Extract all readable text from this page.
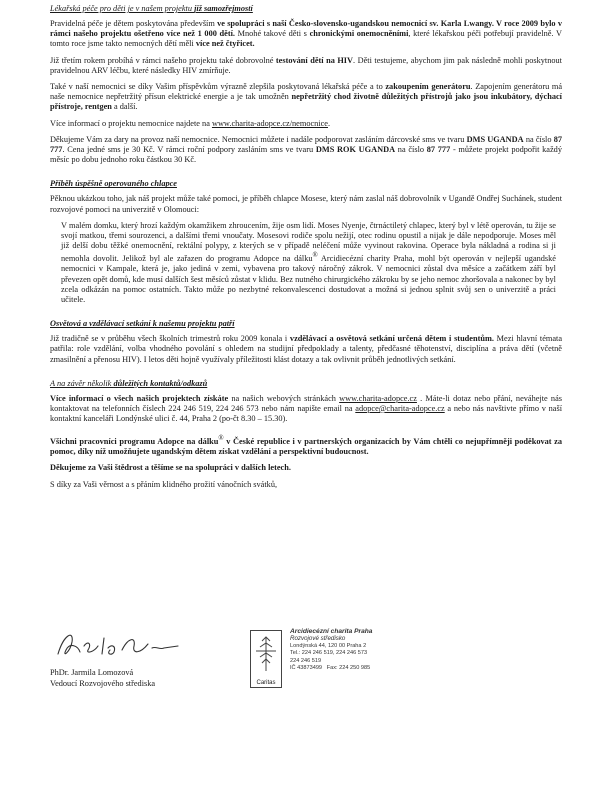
Lékařská péče pro děti je v našem projektu již samozřejmostí

Pravidelná péče je dětem poskytována především ve spolupráci s naší Česko-slovensko-ugandskou nemocnicí sv. Karla Lwangy. V roce 2009 bylo v rámci našeho projektu ošetřeno více než 1 000 dětí. Mnohé takové děti s chronickými onemocněními, které lékařskou péči potřebují pravidelně. V tomto roce jsme takto nemocných dětí měli více než čtyřicet.

Již třetím rokem probíhá v rámci našeho projektu také dobrovolné testování dětí na HIV. Děti testujeme, abychom jim pak následně mohli poskytnout pravidelnou ARV léčbu, které následky HIV zmírňuje.

Také v naší nemocnici se díky Vašim příspěvkům výrazně zlepšila poskytovaná lékařská péče a to zakoupením generátoru. Zapojením generátoru má naše nemocnice nepřetržitý přísun elektrické energie a je tak umožněn nepřetržitý chod životně důležitých přístrojů jako jsou inkubátory, dýchací přístroje, rentgen a další.

Více informací o projektu nemocnice najdete na www.charita-adopce.cz/nemocnice.

Děkujeme Vám za dary na provoz naší nemocnice. Nemocnici můžete i nadále podporovat zasláním dárcovské sms ve tvaru DMS UGANDA na číslo 87 777. Cena jedné sms je 30 Kč. V rámci roční podpory zasláním sms ve tvaru DMS ROK UGANDA na číslo 87 777 - můžete projekt podpořit každý měsíc po dobu jednoho roku částkou 30 Kč.

Příběh úspěšně operovaného chlapce

Pěknou ukázkou toho, jak náš projekt může také pomoci, je příběh chlapce Mosese, který nám zaslal náš dobrovolník v Ugandě Ondřej Suchánek, student rozvojové pomoci na univerzitě v Olomouci:

V malém domku, který hrozí každým okamžikem zhroucením, žije osm lidí. Moses Nyenje, čtrnáctiletý chlapec, který byl v létě operován, tu žije se svojí matkou, třemi sourozenci, a dalšími třemi vnoučaty. Mosesovi rodiče spolu nežijí, otec rodinu opustil a nijak je dále nepodporuje. Moses měl již delší dobu těžké onemocnění, rektální polypy, z kterých se v případě neléčení může vyvinout rakovina. Operace byla nákladná a rodina si ji nemohla dovolit. Jelikož byl ale zařazen do programu Adopce na dálku® Arcidiecézní charity Praha, mohl být operován v nejlepší ugandské nemocnici v Kampale, která je, jako jediná v zemi, vybavena pro takový náročný zákrok. V nemocnici zůstal dva měsíce a začátkem září byl převezen opět domů, kde musí dalších šest měsíců zůstat v klidu. Bez nutného chirurgického zákroku by se jeho nemoc zhoršovala a nakonec by byl zcela odkázán na pomoc ostatních. Takto může po nezbytné rekonvalescenci dostudovat a možná si jednou splnit svůj sen o univerzitě a práci učitele.

Osvětová a vzdělávací setkání k našemu projektu patří

Již tradičně se v průběhu všech školních trimestrů roku 2009 konala i vzdělávací a osvětová setkání určená dětem i studentům. Mezi hlavní témata patřila: role vzdělání, volba vhodného povolání s ohledem na studijní předpoklady a talenty, předčasné těhotenství, disciplína a práva dětí (včetně zmasilnění a přenosu HIV). I letos děti hojně využívaly příležitosti klást dotazy a tak ovlivnit průběh jednotlivých setkání.

A na závěr několik důležitých kontaktů/odkazů

Více informací o všech našich projektech získáte na našich webových stránkách www.charita-adopce.cz . Máte-li dotaz nebo přání, neváhejte nás kontaktovat na telefonních číslech 224 246 519, 224 246 573 nebo nám napište email na adopce@charita-adopce.cz a nebo nás navštivte přímo v naší kontaktní kanceláři Londýnské ulici č. 44, Praha 2 (po-čt 8.30 – 15.30).

Všichni pracovníci programu Adopce na dálku® v České republice i v partnerských organizacích by Vám chtěli co nejupřímněji poděkovat za pomoc, díky níž umožňujete ugandským dětem získat vzdělání a perspektivní budoucnost.

Děkujeme za Vaši štědrost a těšíme se na spolupráci v dalších letech.

S díky za Vaši věrnost a s přáním klidného prožití vánočních svátků,

PhDr. Jarmila Lomozová
Vedoucí Rozvojového střediska	Caritas
Arcidiecézní charita Praha
Rozvojové středisko
Londýnská 44, 120 00 Praha 2
Tel.: 224 246 519, 224 246 573
224 246 519
IČ 43873499 Fax: 224 250 985
